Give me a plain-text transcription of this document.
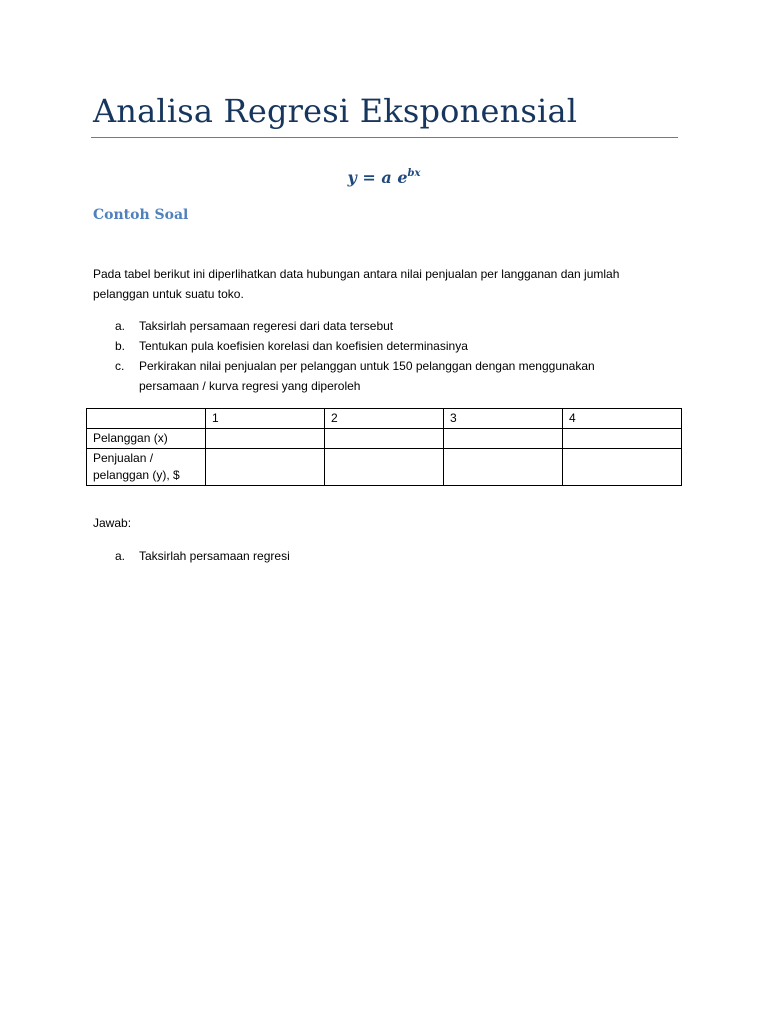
Analisa Regresi Eksponensial
y = a $e^{bx}$
Contoh Soal

Pada tabel berikut ini diperlihatkan data hubungan antara nilai penjualan per langganan dan jumlah
pelanggan untuk suatu toko.

a. Taksirlah persamaan regeresi dari data tersebut
b. Tentukan pula koefisien korelasi dan koefisien determinasinya
c. Perkirakan nilai penjualan per pelanggan untuk 150 pelanggan dengan menggunakan
persamaan / kurva regresi yang diperoleh
	1	2	3	4

Pelanggan (x)				

Penjualan /
pelanggan (y), $				

Jawab:
a. Taksirlah persamaan regresi
